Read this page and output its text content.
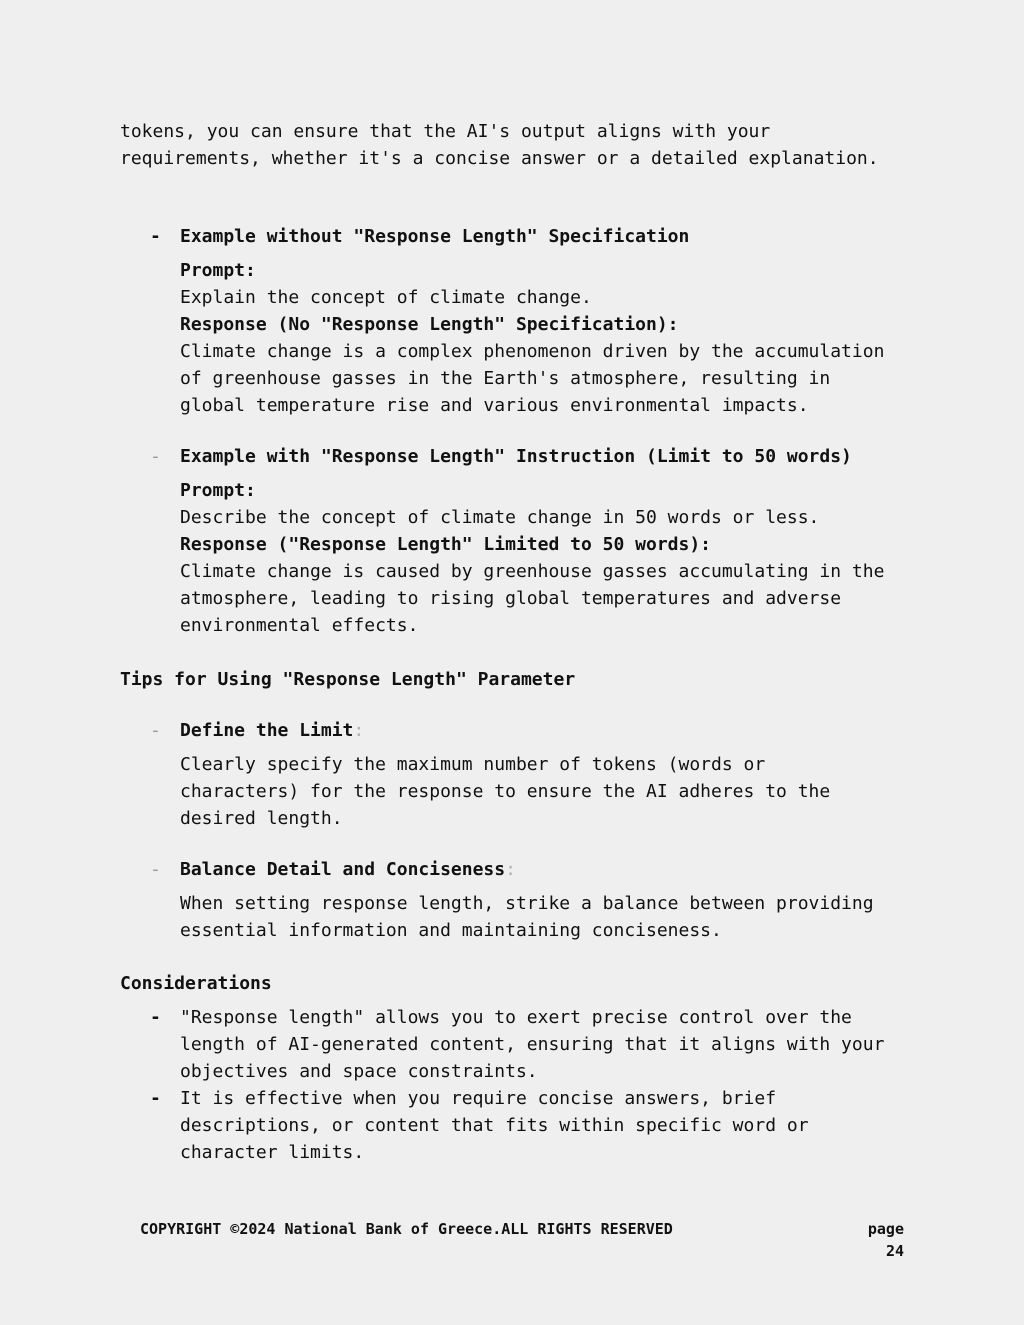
tokens, you can ensure that the AI's output aligns with your

requirements, whether it's a concise answer or a detailed explanation.

-	Example without "Response Length" Specification

Prompt:

Explain the concept of climate change.

Response (No "Response Length" Specification):

Climate change is a complex phenomenon driven by the accumulation

of greenhouse gasses in the Earth's atmosphere, resulting in

global temperature rise and various environmental impacts.

-	Example with "Response Length" Instruction (Limit to 50 words)

Prompt:

Describe the concept of climate change in 50 words or less.

Response ("Response Length" Limited to 50 words):

Climate change is caused by greenhouse gasses accumulating in the

atmosphere, leading to rising global temperatures and adverse

environmental effects.

Tips for Using "Response Length" Parameter

-	Define the Limit:

Clearly specify the maximum number of tokens (words or

characters) for the response to ensure the AI adheres to the

desired length.

-	Balance Detail and Conciseness:

When setting response length, strike a balance between providing

essential information and maintaining conciseness.

Considerations

-	"Response length" allows you to exert precise control over the

length of AI-generated content, ensuring that it aligns with your

objectives and space constraints.

-	It is effective when you require concise answers, brief

descriptions, or content that fits within specific word or

character limits.

COPYRIGHT ©2024 National Bank of Greece.ALL RIGHTS RESERVED	page
24
